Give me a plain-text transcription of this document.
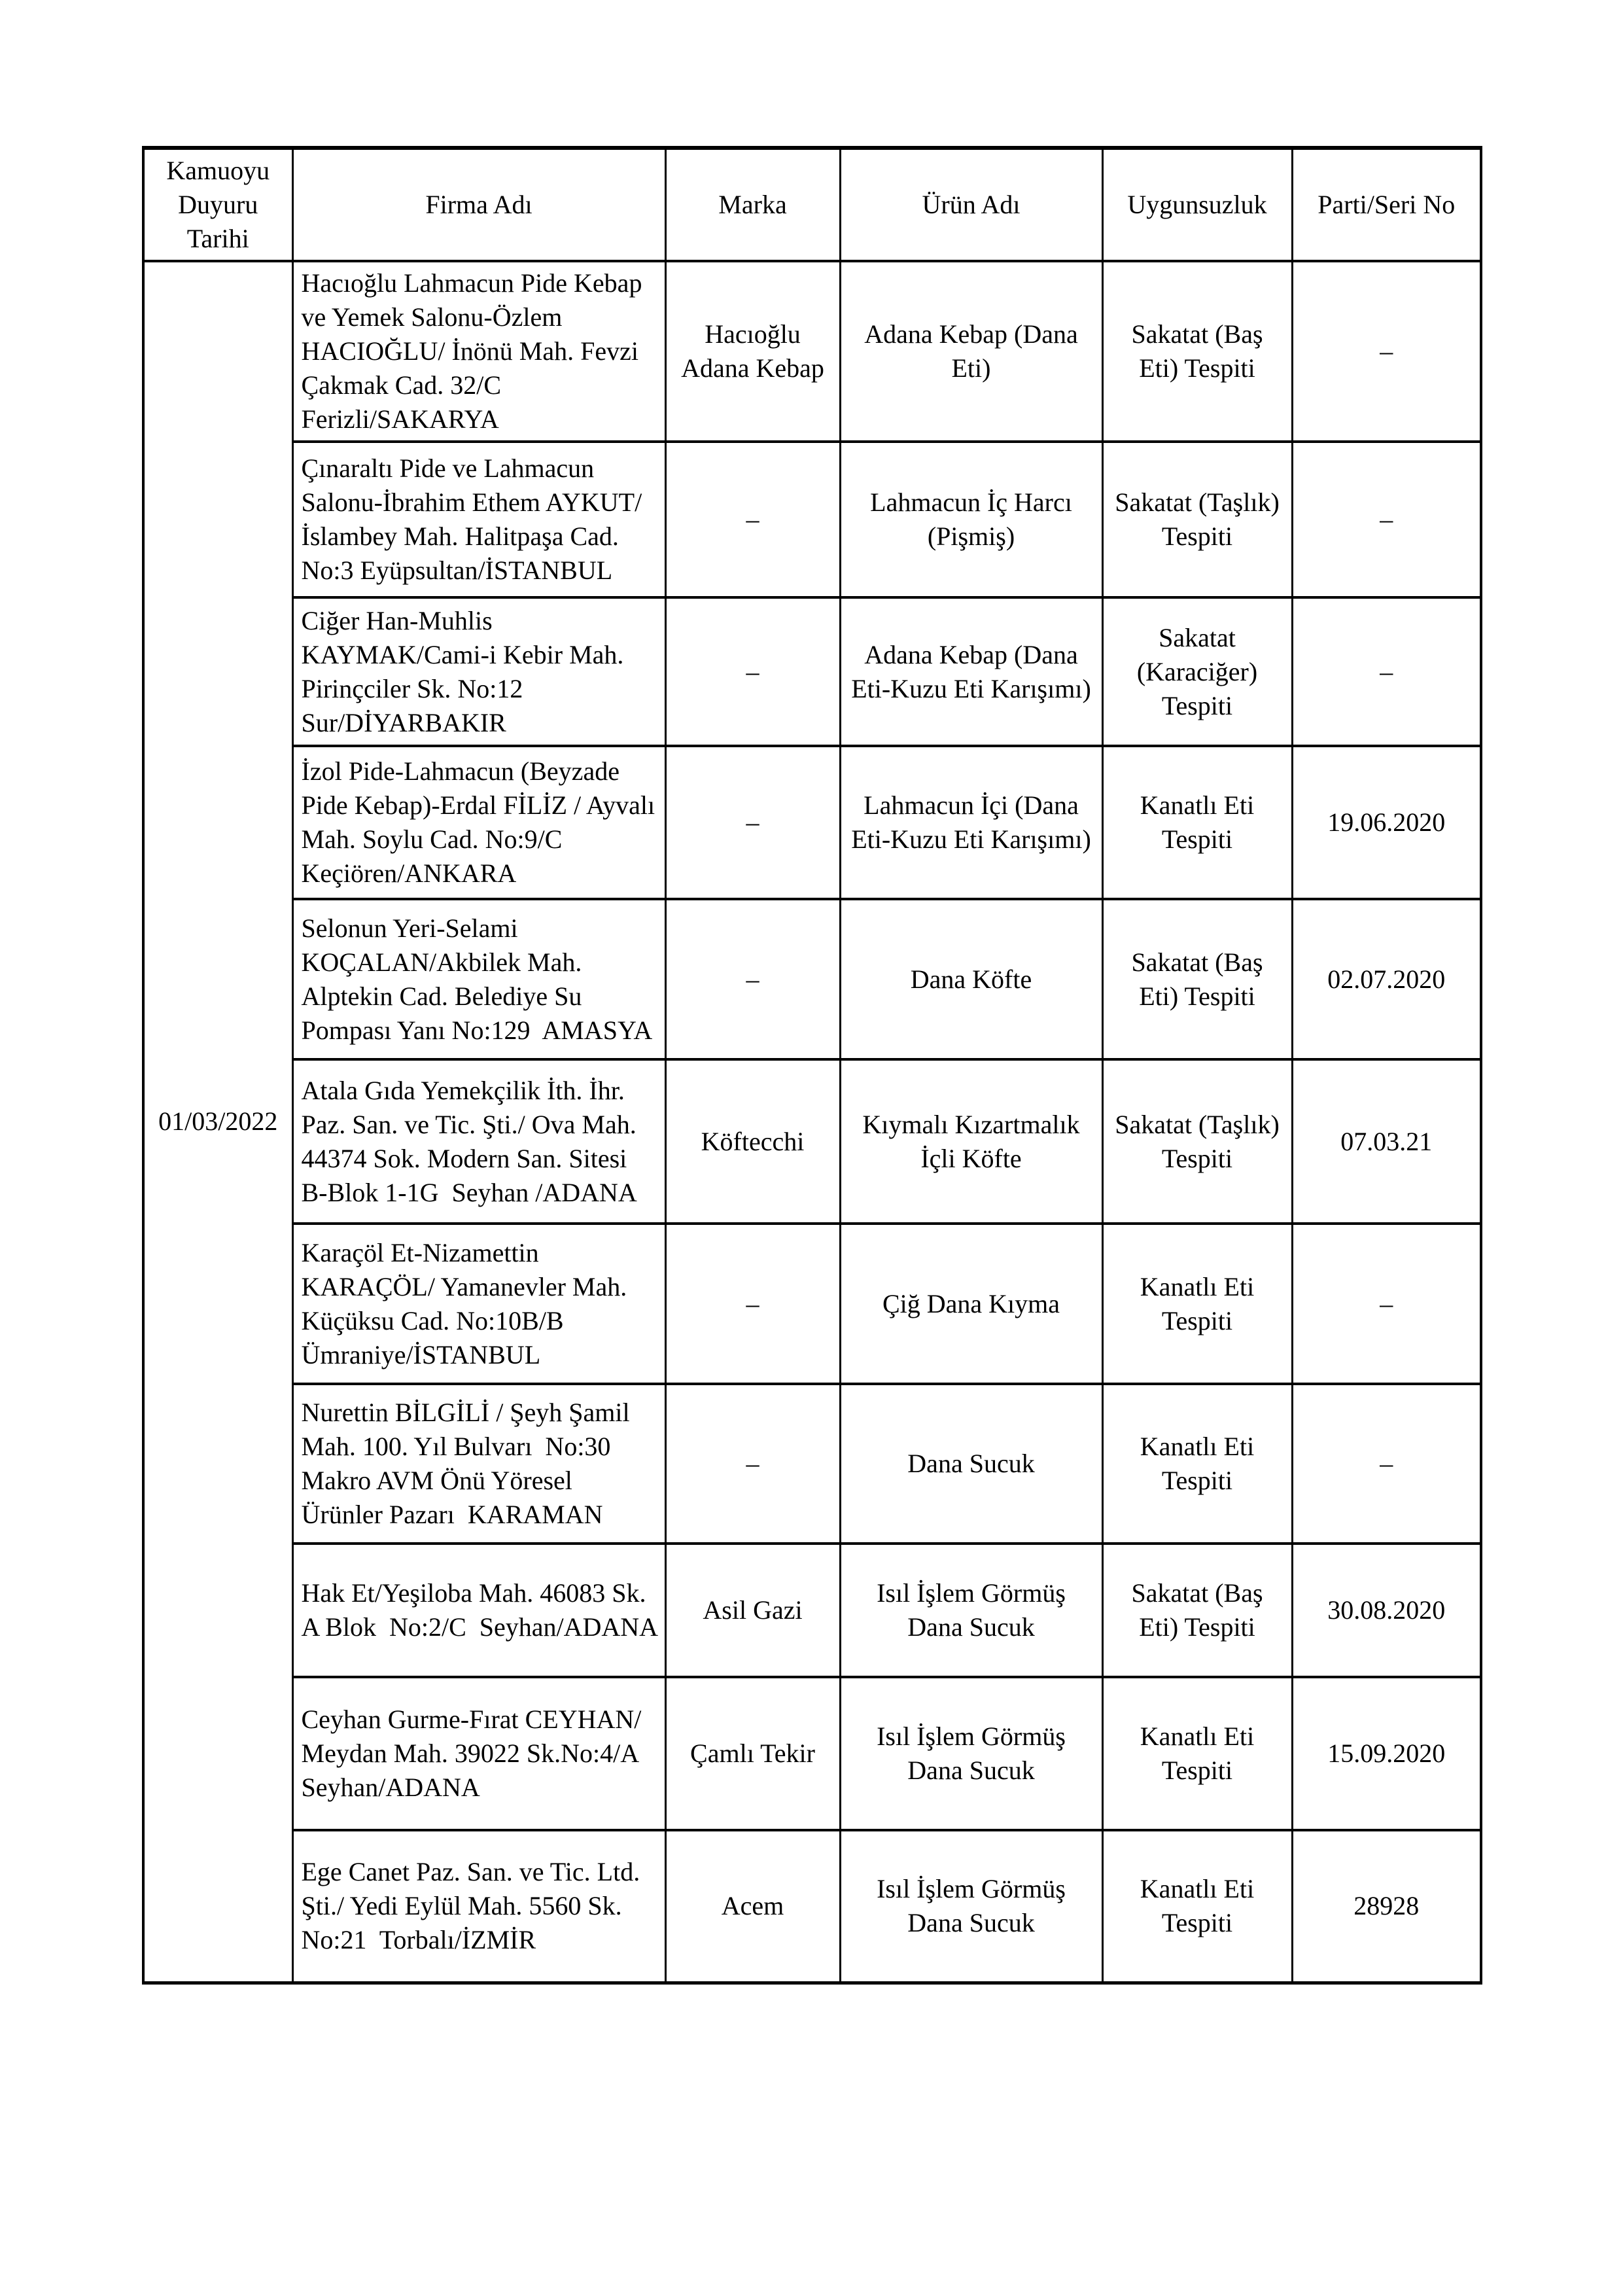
Kamuoyu Duyuru Tarihi	Firma Adı	Marka	Ürün Adı	Uygunsuzluk	Parti/Seri No
01/03/2022	Hacıoğlu Lahmacun Pide Kebap ve Yemek Salonu-Özlem HACIOĞLU/ İnönü Mah. Fevzi Çakmak Cad. 32/C Ferizli/SAKARYA	Hacıoğlu Adana Kebap	Adana Kebap (Dana Eti)	Sakatat (Baş Eti) Tespiti	–
	Çınaraltı Pide ve Lahmacun Salonu-İbrahim Ethem AYKUT/ İslambey Mah. Halitpaşa Cad. No:3 Eyüpsultan/İSTANBUL	–	Lahmacun İç Harcı (Pişmiş)	Sakatat (Taşlık) Tespiti	–
	Ciğer Han-Muhlis KAYMAK/Cami-i Kebir Mah. Pirinçciler Sk. No:12 Sur/DİYARBAKIR	–	Adana Kebap (Dana Eti-Kuzu Eti Karışımı)	Sakatat (Karaciğer) Tespiti	–
	İzol Pide-Lahmacun (Beyzade Pide Kebap)-Erdal FİLİZ / Ayvalı Mah. Soylu Cad. No:9/C Keçiören/ANKARA	–	Lahmacun İçi (Dana Eti-Kuzu Eti Karışımı)	Kanatlı Eti Tespiti	19.06.2020
	Selonun Yeri-Selami KOÇALAN/Akbilek Mah. Alptekin Cad. Belediye Su Pompası Yanı No:129  AMASYA	–	Dana Köfte	Sakatat (Baş Eti) Tespiti	02.07.2020
	Atala Gıda Yemekçilik İth. İhr. Paz. San. ve Tic. Şti./ Ova Mah. 44374 Sok. Modern San. Sitesi  B-Blok 1-1G  Seyhan /ADANA	Köftecchi	Kıymalı Kızartmalık İçli Köfte	Sakatat (Taşlık) Tespiti	07.03.21
	Karaçöl Et-Nizamettin KARAÇÖL/ Yamanevler Mah. Küçüksu Cad. No:10B/B  Ümraniye/İSTANBUL	–	Çiğ Dana Kıyma	Kanatlı Eti Tespiti	–
	Nurettin BİLGİLİ / Şeyh Şamil Mah. 100. Yıl Bulvarı  No:30 Makro AVM Önü Yöresel Ürünler Pazarı  KARAMAN	–	Dana Sucuk	Kanatlı Eti Tespiti	–
	Hak Et/Yeşiloba Mah. 46083 Sk. A Blok  No:2/C  Seyhan/ADANA	Asil Gazi	Isıl İşlem Görmüş Dana Sucuk	Sakatat (Baş Eti) Tespiti	30.08.2020
	Ceyhan Gurme-Fırat CEYHAN/ Meydan Mah. 39022 Sk.No:4/A Seyhan/ADANA	Çamlı Tekir	Isıl İşlem Görmüş Dana Sucuk	Kanatlı Eti Tespiti	15.09.2020
	Ege Canet Paz. San. ve Tic. Ltd. Şti./ Yedi Eylül Mah. 5560 Sk. No:21  Torbalı/İZMİR	Acem	Isıl İşlem Görmüş Dana Sucuk	Kanatlı Eti Tespiti	28928
